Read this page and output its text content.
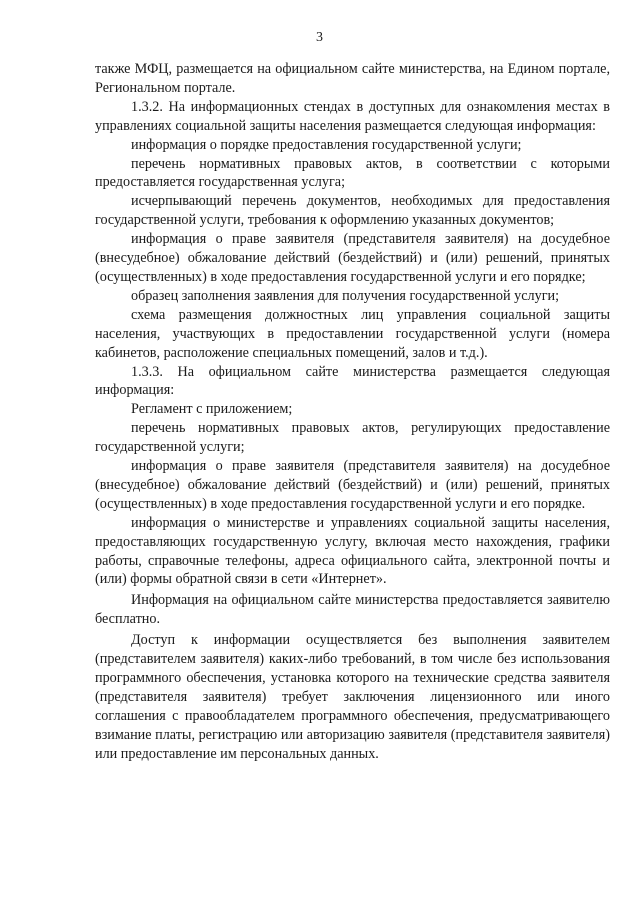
3

также МФЦ, размещается на официальном сайте министерства, на Едином порталe, Региональном портале.

1.3.2. На информационных стендах в доступных для ознакомления местах в управлениях социальной защиты населения размещается следующая информация:

информация о порядке предоставления государственной услуги;

перечень нормативных правовых актов, в соответствии с которыми предоставляется государственная услуга;

исчерпывающий перечень документов, необходимых для предоставления государственной услуги, требования к оформлению указанных документов;

информация о праве заявителя (представителя заявителя) на досудебное (внесудебное) обжалование действий (бездействий) и (или) решений, принятых (осуществленных) в ходе предоставления государственной услуги и его порядке;

образец заполнения заявления для получения государственной услуги;

схема размещения должностных лиц управления социальной защиты населения, участвующих в предоставлении государственной услуги (номера кабинетов, расположение специальных помещений, залов и т.д.).

1.3.3. На официальном сайте министерства размещается следующая информация:

Регламент с приложением;

перечень нормативных правовых актов, регулирующих предоставление государственной услуги;

информация о праве заявителя (представителя заявителя) на досудебное (внесудебное) обжалование действий (бездействий) и (или) решений, принятых (осуществленных) в ходе предоставления государственной услуги и его порядке.

информация о министерстве и управлениях социальной защиты населения, предоставляющих государственную услугу, включая место нахождения, графики работы, справочные телефоны, адреса официального сайта, электронной почты и (или) формы обратной связи в сети «Интернет».

Информация на официальном сайте министерства предоставляется заявителю бесплатно.

Доступ к информации осуществляется без выполнения заявителем (представителем заявителя) каких-либо требований, в том числе без использования программного обеспечения, установка которого на технические средства заявителя (представителя заявителя) требует заключения лицензионного или иного соглашения с правообладателем программного обеспечения, предусматривающего взимание платы, регистрацию или авторизацию заявителя (представителя заявителя) или предоставление им персональных данных.
